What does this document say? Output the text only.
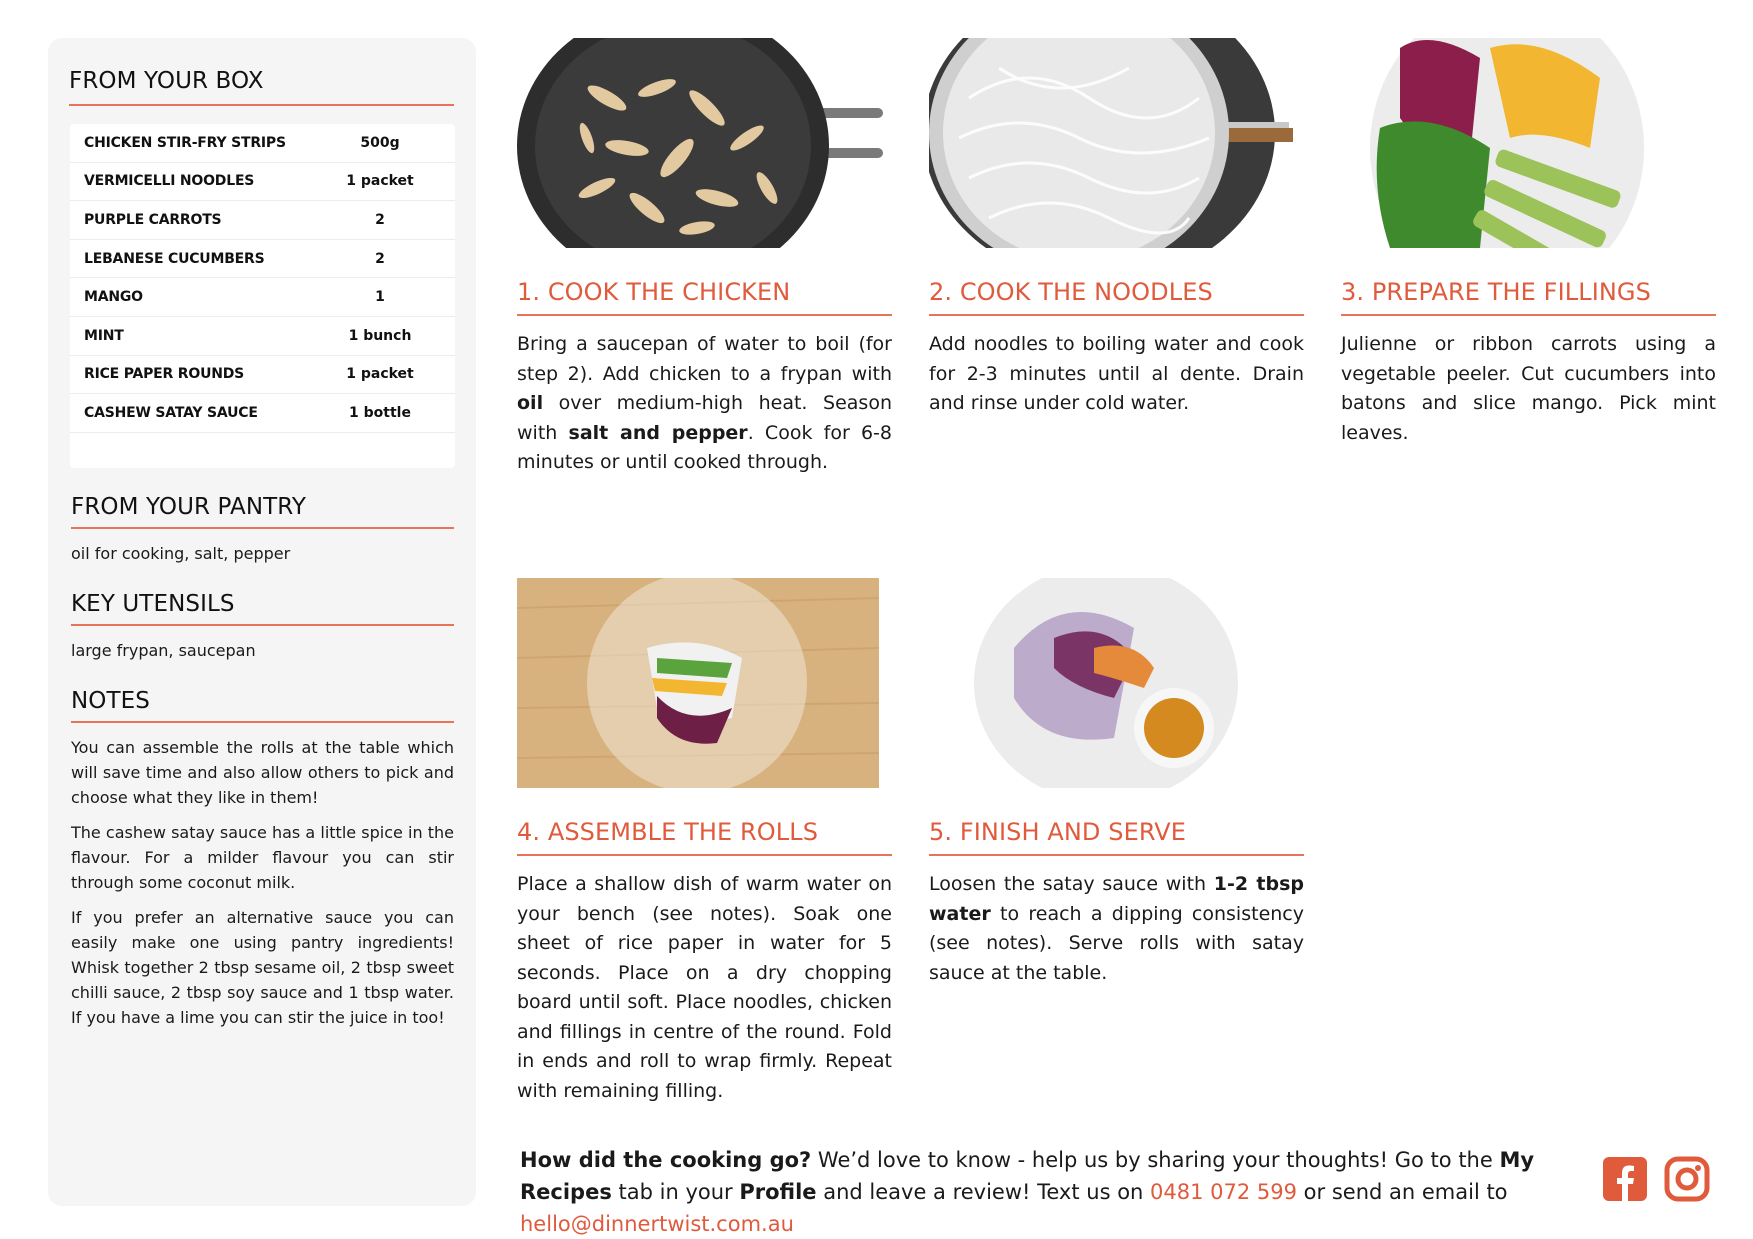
FROM YOUR BOX
CHICKEN STIR-FRY STRIPS	500g
VERMICELLI NOODLES	1 packet
PURPLE CARROTS	2
LEBANESE CUCUMBERS	2
MANGO	1
MINT	1 bunch
RICE PAPER ROUNDS	1 packet
CASHEW SATAY SAUCE	1 bottle
FROM YOUR PANTRY
oil for cooking, salt, pepper
KEY UTENSILS
large frypan, saucepan
NOTES

You can assemble the rolls at the table which will save time and also allow others to pick and choose what they like in them!

The cashew satay sauce has a little spice in the flavour. For a milder flavour you can stir through some coconut milk.

If you prefer an alternative sauce you can easily make one using pantry ingredients! Whisk together 2 tbsp sesame oil, 2 tbsp sweet chilli sauce, 2 tbsp soy sauce and 1 tbsp water. If you have a lime you can stir the juice in too!

1. COOK THE CHICKEN
Bring a saucepan of water to boil (for step 2). Add chicken to a frypan with oil over medium-high heat. Season with salt and pepper. Cook for 6-8 minutes or until cooked through.
2. COOK THE NOODLES
Add noodles to boiling water and cook for 2-3 minutes until al dente. Drain and rinse under cold water.
3. PREPARE THE FILLINGS
Julienne or ribbon carrots using a vegetable peeler. Cut cucumbers into batons and slice mango. Pick mint leaves.
4. ASSEMBLE THE ROLLS
Place a shallow dish of warm water on your bench (see notes). Soak one sheet of rice paper in water for 5 seconds. Place on a dry chopping board until soft. Place noodles, chicken and fillings in centre of the round. Fold in ends and roll to wrap firmly. Repeat with remaining filling.
5. FINISH AND SERVE
Loosen the satay sauce with 1-2 tbsp water to reach a dipping consistency (see notes). Serve rolls with satay sauce at the table.
How did the cooking go? We’d love to know - help us by sharing your thoughts! Go to the My Recipes tab in your Profile and leave a review! Text us on 0481 072 599 or send an email to hello@dinnertwist.com.au
